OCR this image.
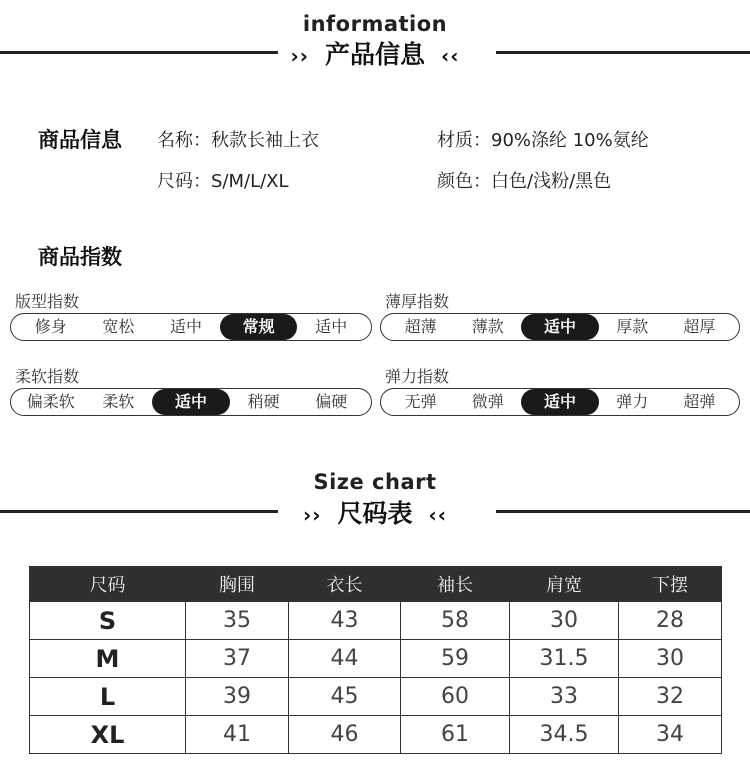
information
›› 产品信息 ‹‹
商品信息 名称：秋款长袖上衣	材质：90%涤纶 10%氨纶
尺码：S/M/L/XL	颜色：白色/浅粉/黑色
商品指数
版型指数
修身	宽松	适中	常规	适中
薄厚指数
超薄	薄款	适中	厚款	超厚
柔软指数
偏柔软	柔软	适中	稍硬	偏硬
弹力指数
无弹	微弹	适中	弹力	超弹
Size chart
›› 尺码表 ‹‹
尺码	胸围	衣长	袖长	肩宽	下摆
S	35	43	58	30	28
M	37	44	59	31.5	30
L	39	45	60	33	32
XL	41	46	61	34.5	34
